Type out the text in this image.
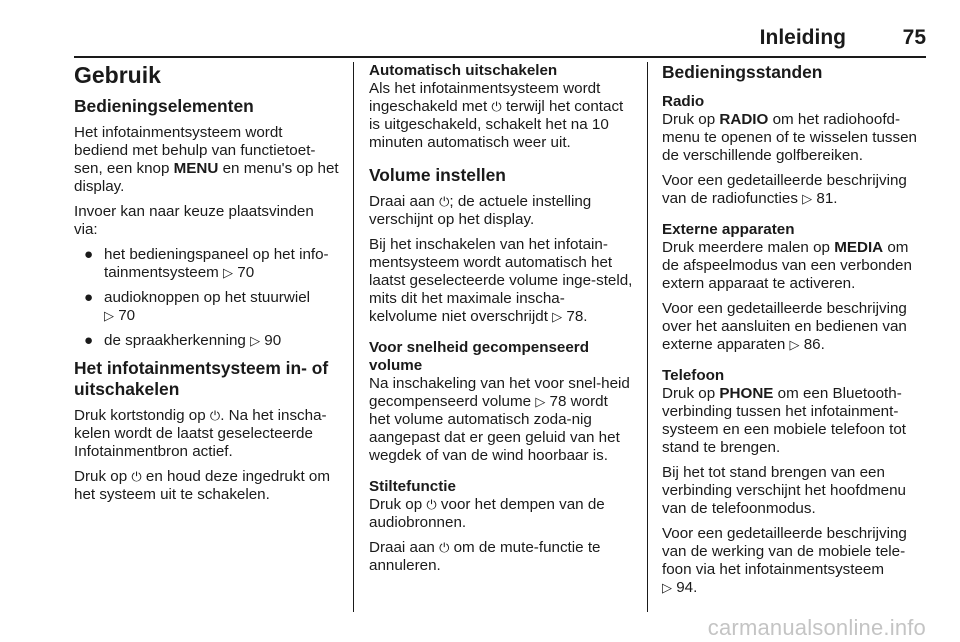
Inleiding	75
Gebruik
Bedieningselementen

Het infotainmentsysteem wordt bediend met behulp van functietoet-sen, een knop MENU en menu's op het display.

Invoer kan naar keuze plaatsvinden via:

● het bedieningspaneel op het info-tainmentsysteem ▷ 70
● audioknoppen op het stuurwiel
▷ 70
● de spraakherkenning ▷ 90
Het infotainmentsysteem in- of uitschakelen

Druk kortstondig op ⏻. Na het inscha-kelen wordt de laatst geselecteerde Infotainmentbron actief.

Druk op ⏻ en houd deze ingedrukt om het systeem uit te schakelen.

Automatisch uitschakelen

Als het infotainmentsysteem wordt ingeschakeld met ⏻ terwijl het contact is uitgeschakeld, schakelt het na 10 minuten automatisch weer uit.

Volume instellen

Draai aan ⏻; de actuele instelling verschijnt op het display.

Bij het inschakelen van het infotain-mentsysteem wordt automatisch het laatst geselecteerde volume inge-steld, mits dit het maximale inscha-kelvolume niet overschrijdt ▷ 78.

Voor snelheid gecompenseerd volume

Na inschakeling van het voor snel-heid gecompenseerd volume ▷ 78 wordt het volume automatisch zoda-nig aangepast dat er geen geluid van het wegdek of van de wind hoorbaar is.

Stiltefunctie

Druk op ⏻ voor het dempen van de audiobronnen.

Draai aan ⏻ om de mute-functie te annuleren.

Bedieningsstanden
Radio

Druk op RADIO om het radiohoofd-menu te openen of te wisselen tussen de verschillende golfbereiken.

Voor een gedetailleerde beschrijving van de radiofuncties ▷ 81.

Externe apparaten

Druk meerdere malen op MEDIA om de afspeelmodus van een verbonden extern apparaat te activeren.

Voor een gedetailleerde beschrijving over het aansluiten en bedienen van externe apparaten ▷ 86.

Telefoon

Druk op PHONE om een Bluetooth-verbinding tussen het infotainment-systeem en een mobiele telefoon tot stand te brengen.

Bij het tot stand brengen van een verbinding verschijnt het hoofdmenu van de telefoonmodus.

Voor een gedetailleerde beschrijving van de werking van de mobiele tele-foon via het infotainmentsysteem
▷ 94.

carmanualsonline.info
